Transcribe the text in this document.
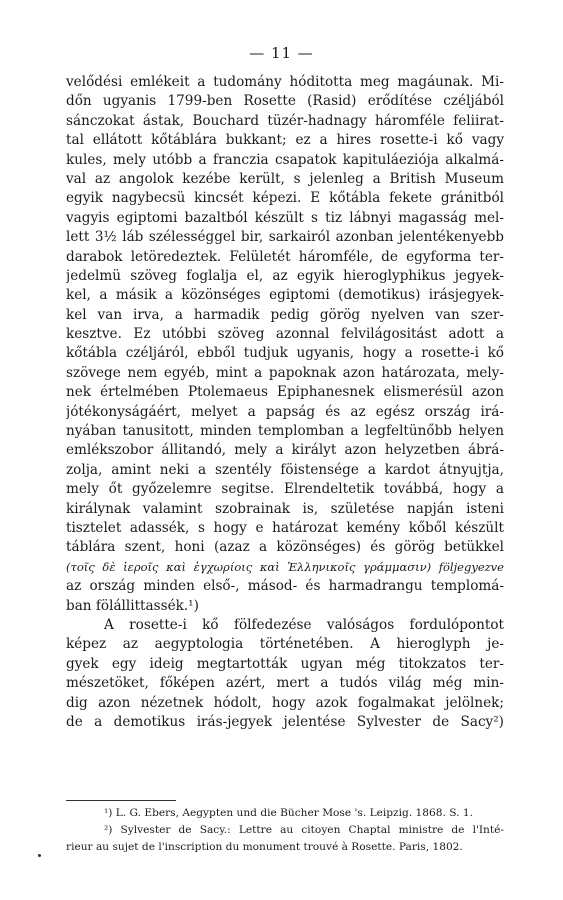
— 11 —
velődési emlékeit a tudomány hóditotta meg magáunak. Mi-
dőn ugyanis 1799-ben Rosette (Rasid) erődítése czéljából
sánczokat ástak, Bouchard tüzér-hadnagy háromféle feliirat-
tal ellátott kőtáblára bukkant; ez a hires rosette-i kő vagy
kules, mely utóbb a franczia csapatok kapituláeziója alkalmá-
val az angolok kezébe került, s jelenleg a British Museum
egyik nagybecsü kincsét képezi. E kőtábla fekete gránitból
vagyis egiptomi bazaltból készült s tiz lábnyi magasság mel-
lett 3½ láb szélességgel bir, sarkairól azonban jelentékenyebb
darabok letöredeztek. Felületét háromféle, de egyforma ter-
jedelmü szöveg foglalja el, az egyik hieroglyphikus jegyek-
kel, a másik a közönséges egiptomi (demotikus) irásjegyek-
kel van irva, a harmadik pedig görög nyelven van szer-
kesztve. Ez utóbbi szöveg azonnal felvilágositást adott a
kőtábla czéljáról, ebből tudjuk ugyanis, hogy a rosette-i kő
szövege nem egyéb, mint a papoknak azon határozata, mely-
nek értelmében Ptolemaeus Epiphanesnek elismerésül azon
jótékonyságáért, melyet a papság és az egész ország irá-
nyában tanusitott, minden templomban a legfeltünőbb helyen
emlékszobor állitandó, mely a királyt azon helyzetben ábrá-
zolja, amint neki a szentély föistensége a kardot átnyujtja,
mely őt győzelemre segitse. Elrendeltetik továbbá, hogy a
királynak valamint szobrainak is, születése napján isteni
tisztelet adassék, s hogy e határozat kemény kőből készült
táblára szent, honi (azaz a közönséges) és görög betükkel
(τοῖς δὲ ἱεροῖς καὶ ἐγχωρίοις καὶ Ἑλληνικοῖς γράμμασιν) följegyezve
az ország minden első-, másod- és harmadrangu templomá-
ban fölállittassék.¹)
A rosette-i kő fölfedezése valóságos fordulópontot
képez az aegyptologia történetében. A hieroglyph je-
gyek egy ideig megtartották ugyan még titokzatos ter-
mészetöket, főképen azért, mert a tudós világ még min-
dig azon nézetnek hódolt, hogy azok fogalmakat jelölnek;
de a demotikus irás-jegyek jelentése Sylvester de Sacy²)
¹) L. G. Ebers, Aegypten und die Bücher Mose 's. Leipzig. 1868. S. 1.
²) Sylvester de Sacy.: Lettre au citoyen Chaptal ministre de l'Inté-
rieur au sujet de l'inscription du monument trouvé à Rosette. Paris, 1802.
